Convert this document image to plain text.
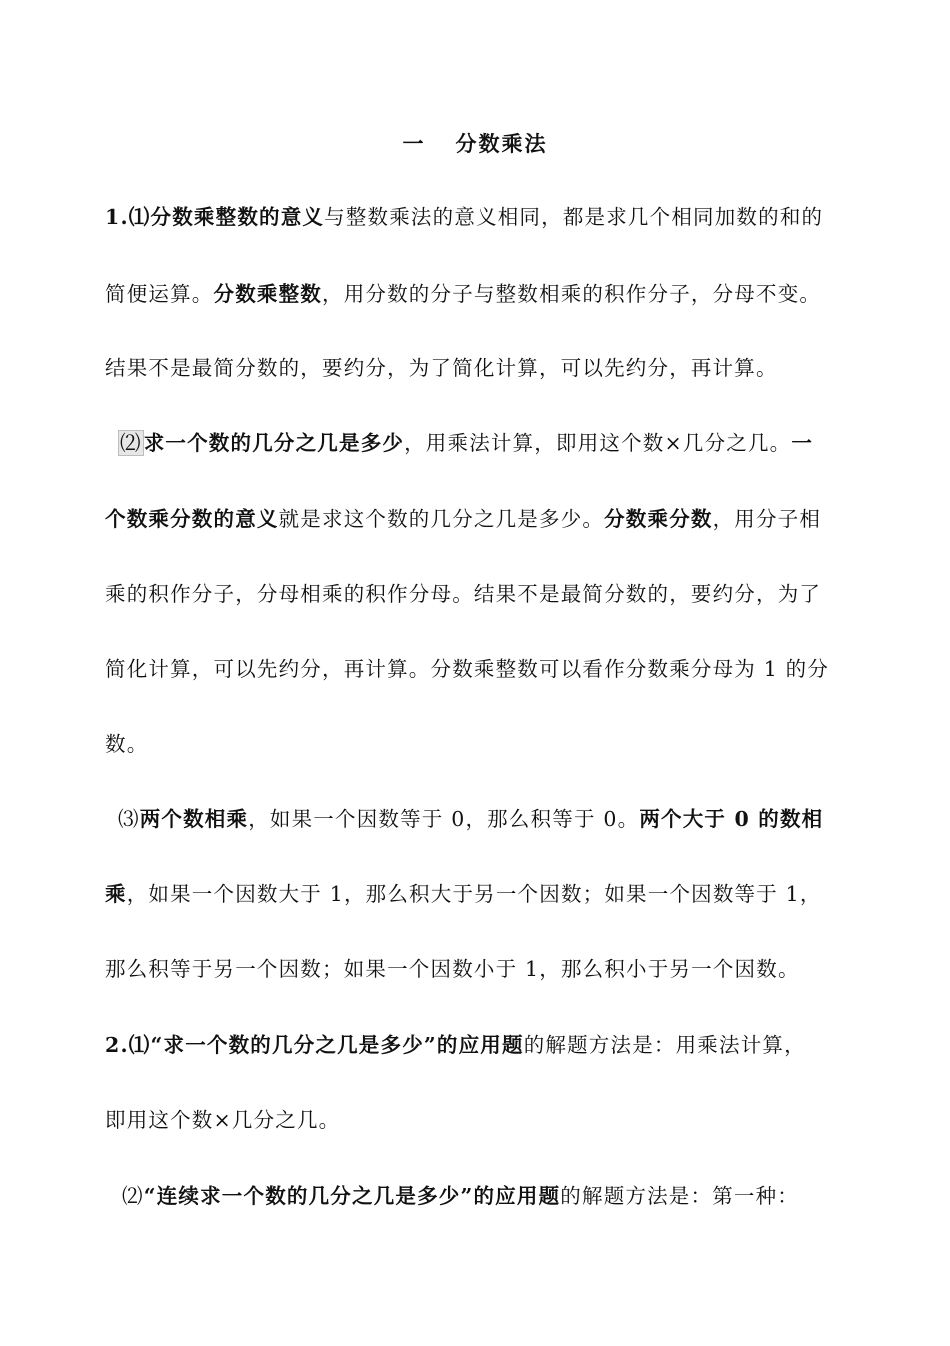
一 分数乘法
1.⑴分数乘整数的意义与整数乘法的意义相同，都是求几个相同加数的和的
简便运算。分数乘整数，用分数的分子与整数相乘的积作分子，分母不变。
结果不是最简分数的，要约分，为了简化计算，可以先约分，再计算。
⑵求一个数的几分之几是多少，用乘法计算，即用这个数×几分之几。一
个数乘分数的意义就是求这个数的几分之几是多少。分数乘分数，用分子相
乘的积作分子，分母相乘的积作分母。结果不是最简分数的，要约分，为了
简化计算，可以先约分，再计算。分数乘整数可以看作分数乘分母为 1 的分
数。
⑶两个数相乘，如果一个因数等于 0，那么积等于 0。两个大于 0 的数相
乘，如果一个因数大于 1，那么积大于另一个因数；如果一个因数等于 1，
那么积等于另一个因数；如果一个因数小于 1，那么积小于另一个因数。
2.⑴“求一个数的几分之几是多少”的应用题的解题方法是：用乘法计算，
即用这个数×几分之几。
⑵“连续求一个数的几分之几是多少”的应用题的解题方法是：第一种：
